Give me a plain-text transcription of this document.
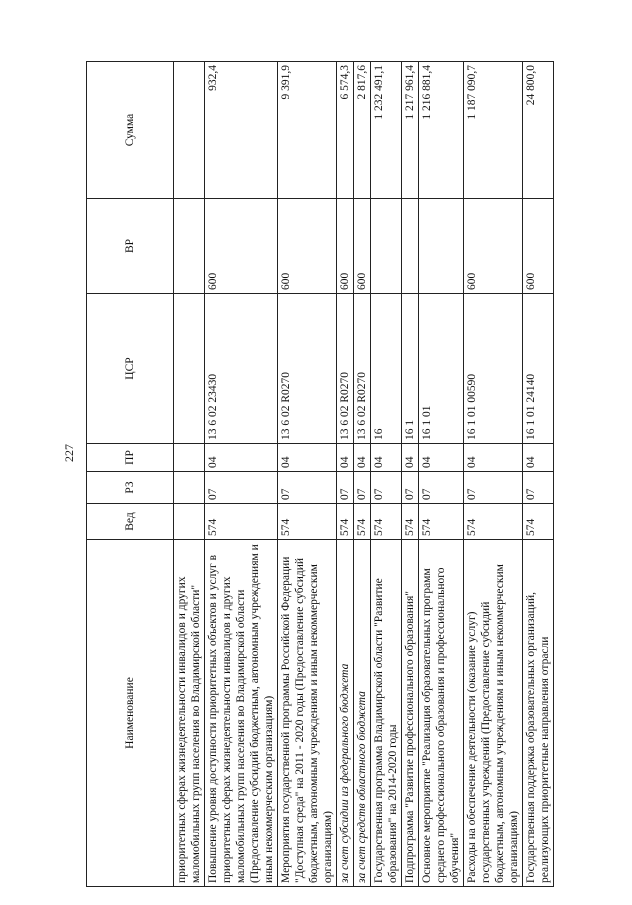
227
Наименование	Вед	РЗ	ПР	ЦСР	ВР	Сумма
приоритетных сферах жизнедеятельности инвалидов и других маломобильных групп населения во Владимирской области"						
Повышение уровня доступности приоритетных объектов и услуг в приоритетных сферах жизнедеятельности инвалидов и других маломобильных групп населения во Владимирской области (Предоставление субсидий бюджетным, автономным учреждениям и иным некоммерческим организациям)	574	07	04	13 6 02 23430	600	932,4
Мероприятия государственной программы Российской Федерации "Доступная среда" на 2011 - 2020 годы (Предоставление субсидий бюджетным, автономным учреждениям и иным некоммерческим организациям)	574	07	04	13 6 02 R0270	600	9 391,9
за счет субсидии из федерального бюджета	574	07	04	13 6 02 R0270	600	6 574,3
за счет средств областного бюджета	574	07	04	13 6 02 R0270	600	2 817,6
Государственная программа Владимирской области "Развитие образования" на 2014-2020 годы	574	07	04	16		1 232 491,1
Подпрограмма "Развитие профессионального образования"	574	07	04	16 1		1 217 961,4
Основное мероприятие "Реализация образовательных программ среднего профессионального образования и профессионального обучения"	574	07	04	16 1 01		1 216 881,4
Расходы на обеспечение деятельности (оказание услуг) государственных учреждений (Предоставление субсидий бюджетным, автономным учреждениям и иным некоммерческим организациям)	574	07	04	16 1 01 00590	600	1 187 090,7
Государственная поддержка образовательных организаций, реализующих приоритетные направления отрасли	574	07	04	16 1 01 24140	600	24 800,0
